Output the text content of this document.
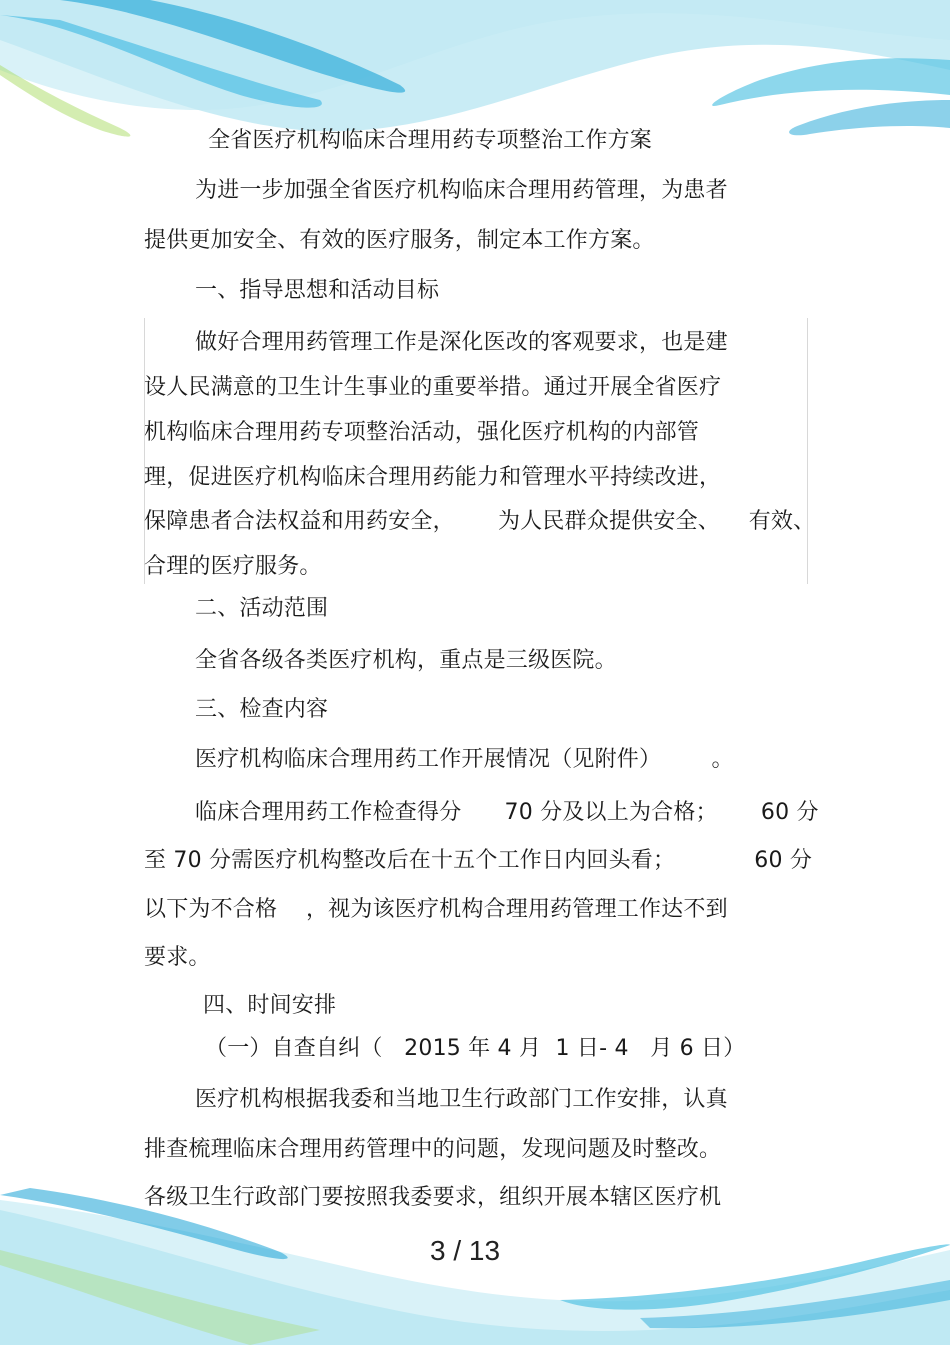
全省医疗机构临床合理用药专项整治工作方案
为进一步加强全省医疗机构临床合理用药管理，为患者
提供更加安全、有效的医疗服务，制定本工作方案。
一、指导思想和活动目标
做好合理用药管理工作是深化医改的客观要求，也是建
设人民满意的卫生计生事业的重要举措。通过开展全省医疗
机构临床合理用药专项整治活动，强化医疗机构的内部管
理，促进医疗机构临床合理用药能力和管理水平持续改进，
保障患者合法权益和用药安全，      为人民群众提供安全、    有效、
合理的医疗服务。
二、活动范围
全省各级各类医疗机构，重点是三级医院。
三、检查内容
医疗机构临床合理用药工作开展情况（见附件）       。
临床合理用药工作检查得分      70 分及以上为合格；      60 分
至 70 分需医疗机构整改后在十五个工作日内回头看；           60 分
以下为不合格    ，视为该医疗机构合理用药管理工作达不到
要求。
四、时间安排
（一）自查自纠（   2015 年 4 月  1 日- 4   月 6 日）
医疗机构根据我委和当地卫生行政部门工作安排，认真
排查梳理临床合理用药管理中的问题，发现问题及时整改。
各级卫生行政部门要按照我委要求，组织开展本辖区医疗机
3 / 13
